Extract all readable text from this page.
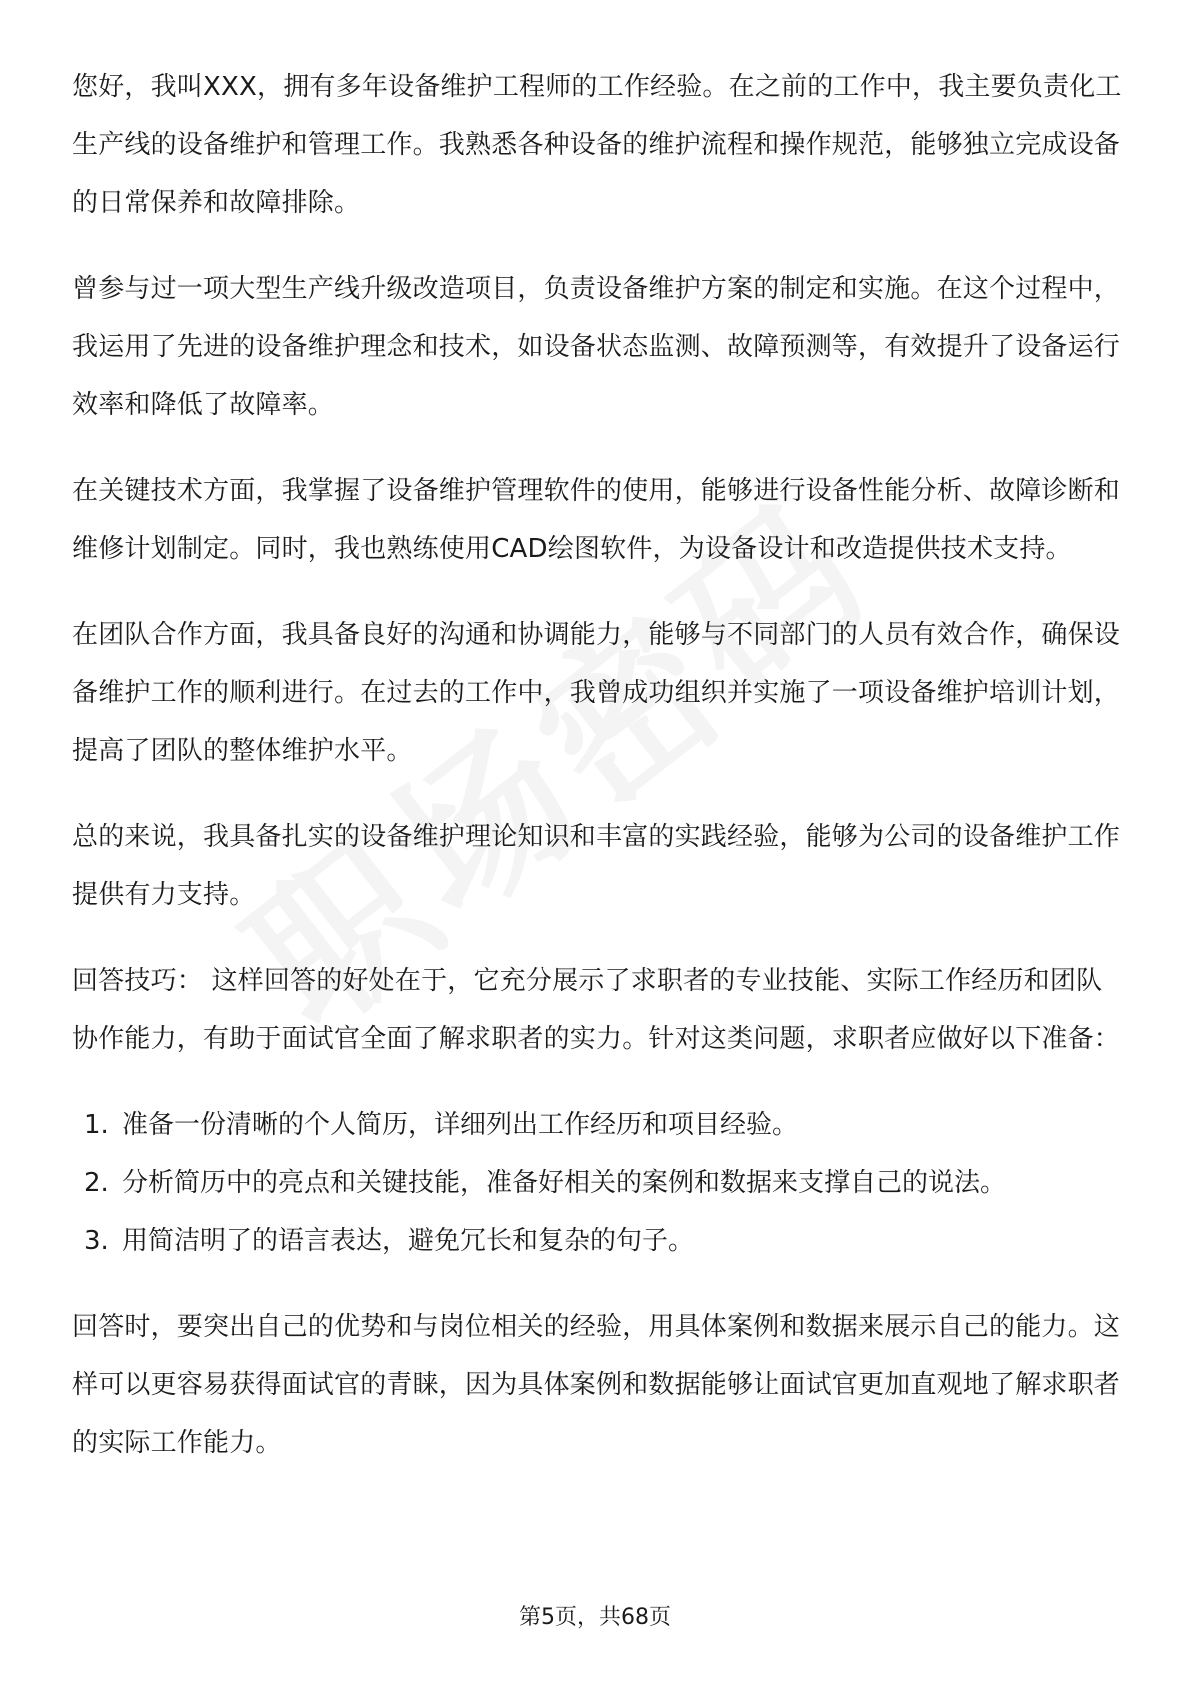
您好，我叫XXX，拥有多年设备维护工程师的工作经验。在之前的工作中，我主要负责化工生产线的设备维护和管理工作。我熟悉各种设备的维护流程和操作规范，能够独立完成设备的日常保养和故障排除。

曾参与过一项大型生产线升级改造项目，负责设备维护方案的制定和实施。在这个过程中，我运用了先进的设备维护理念和技术，如设备状态监测、故障预测等，有效提升了设备运行效率和降低了故障率。

在关键技术方面，我掌握了设备维护管理软件的使用，能够进行设备性能分析、故障诊断和维修计划制定。同时，我也熟练使用CAD绘图软件，为设备设计和改造提供技术支持。

在团队合作方面，我具备良好的沟通和协调能力，能够与不同部门的人员有效合作，确保设备维护工作的顺利进行。在过去的工作中，我曾成功组织并实施了一项设备维护培训计划，提高了团队的整体维护水平。

总的来说，我具备扎实的设备维护理论知识和丰富的实践经验，能够为公司的设备维护工作提供有力支持。

回答技巧： 这样回答的好处在于，它充分展示了求职者的专业技能、实际工作经历和团队协作能力，有助于面试官全面了解求职者的实力。针对这类问题，求职者应做好以下准备：

1. 准备一份清晰的个人简历，详细列出工作经历和项目经验。
2. 分析简历中的亮点和关键技能，准备好相关的案例和数据来支撑自己的说法。
3. 用简洁明了的语言表达，避免冗长和复杂的句子。

回答时，要突出自己的优势和与岗位相关的经验，用具体案例和数据来展示自己的能力。这样可以更容易获得面试官的青睐，因为具体案例和数据能够让面试官更加直观地了解求职者的实际工作能力。

第5页，共68页
